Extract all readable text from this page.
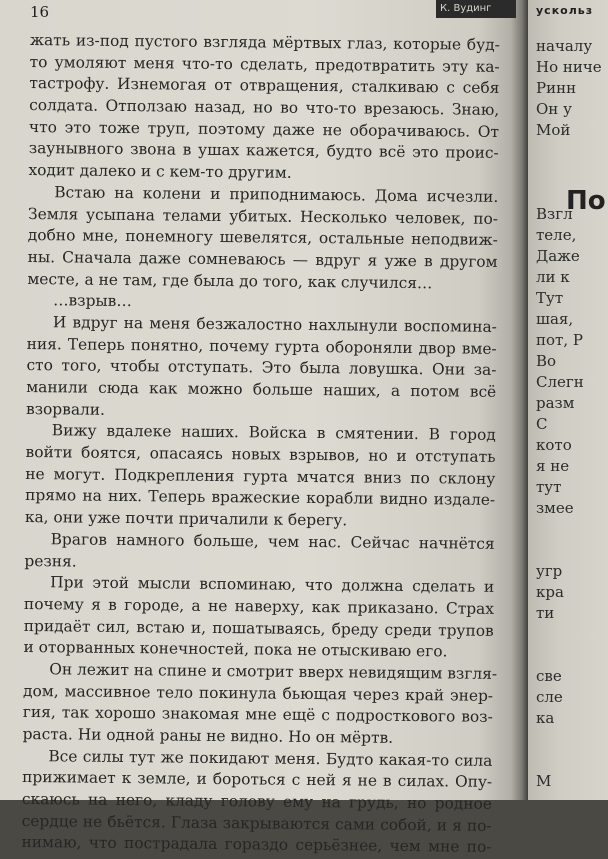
16	К. Вудинг
жать из-под пустого взгляда мёртвых глаз, которые буд-
то умоляют меня что-то сделать, предотвратить эту ка-
тастрофу. Изнемогая от отвращения, сталкиваю с себя
солдата. Отползаю назад, но во что-то врезаюсь. Знаю,
что это тоже труп, поэтому даже не оборачиваюсь. От
заунывного звона в ушах кажется, будто всё это проис-
ходит далеко и с кем-то другим.
Встаю на колени и приподнимаюсь. Дома исчезли.
Земля усыпана телами убитых. Несколько человек, по-
добно мне, понемногу шевелятся, остальные неподвиж-
ны. Сначала даже сомневаюсь — вдруг я уже в другом
месте, а не там, где была до того, как случился…
…взрыв…
И вдруг на меня безжалостно нахлынули воспомина-
ния. Теперь понятно, почему гурта обороняли двор вме-
сто того, чтобы отступать. Это была ловушка. Они за-
манили сюда как можно больше наших, а потом всё
взорвали.
Вижу вдалеке наших. Войска в смятении. В город
войти боятся, опасаясь новых взрывов, но и отступать
не могут. Подкрепления гурта мчатся вниз по склону
прямо на них. Теперь вражеские корабли видно издале-
ка, они уже почти причалили к берегу.
Врагов намного больше, чем нас. Сейчас начнётся
резня.
При этой мысли вспоминаю, что должна сделать и
почему я в городе, а не наверху, как приказано. Страх
придаёт сил, встаю и, пошатываясь, бреду среди трупов
и оторванных конечностей, пока не отыскиваю его.
Он лежит на спине и смотрит вверх невидящим взгля-
дом, массивное тело покинула бьющая через край энер-
гия, так хорошо знакомая мне ещё с подросткового воз-
раста. Ни одной раны не видно. Но он мёртв.
Все силы тут же покидают меня. Будто какая-то сила
прижимает к земле, и бороться с ней я не в силах. Опу-
скаюсь на него, кладу голову ему на грудь, но родное
сердце не бьётся. Глаза закрываются сами собой, и я по-
нимаю, что пострадала гораздо серьёзнее, чем мне по-
ускольз
началу
Но ниче
Ринн
Он у
Мой
Взгл
теле,
Даже
ли к
Тут
шая,
пот, Р
Во
Слегн
разм
С
кото
я не
тут
змее
угр
кра
ти
све
сле
ка
М
По
